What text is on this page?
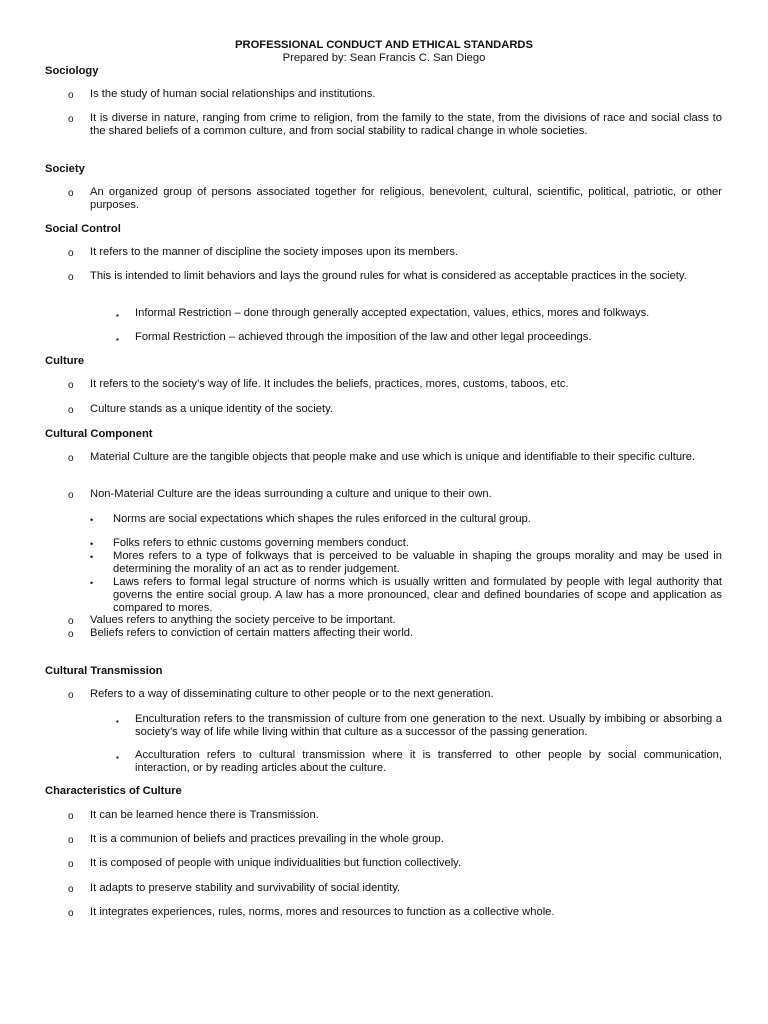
PROFESSIONAL CONDUCT AND ETHICAL STANDARDS
Prepared by: Sean Francis C. San Diego
Sociology
o Is the study of human social relationships and institutions.
o It is diverse in nature, ranging from crime to religion, from the family to the state, from the divisions of race and social class to the shared beliefs of a common culture, and from social stability to radical change in whole societies.
Society
o An organized group of persons associated together for religious, benevolent, cultural, scientific, political, patriotic, or other purposes.
Social Control
o It refers to the manner of discipline the society imposes upon its members.
o This is intended to limit behaviors and lays the ground rules for what is considered as acceptable practices in the society.
▪ Informal Restriction – done through generally accepted expectation, values, ethics, mores and folkways.
▪ Formal Restriction – achieved through the imposition of the law and other legal proceedings.
Culture
o It refers to the society’s way of life. It includes the beliefs, practices, mores, customs, taboos, etc.
o Culture stands as a unique identity of the society.
Cultural Component
o Material Culture are the tangible objects that people make and use which is unique and identifiable to their specific culture.
o Non-Material Culture are the ideas surrounding a culture and unique to their own.
• Norms are social expectations which shapes the rules enforced in the cultural group.
• Folks refers to ethnic customs governing members conduct.
• Mores refers to a type of folkways that is perceived to be valuable in shaping the groups morality and may be used in determining the morality of an act as to render judgement.
• Laws refers to formal legal structure of norms which is usually written and formulated by people with legal authority that governs the entire social group. A law has a more pronounced, clear and defined boundaries of scope and application as compared to mores.
o Values refers to anything the society perceive to be important.
o Beliefs refers to conviction of certain matters affecting their world.
Cultural Transmission
o Refers to a way of disseminating culture to other people or to the next generation.
▪ Enculturation refers to the transmission of culture from one generation to the next. Usually by imbibing or absorbing a society’s way of life while living within that culture as a successor of the passing generation.
▪ Acculturation refers to cultural transmission where it is transferred to other people by social communication, interaction, or by reading articles about the culture.
Characteristics of Culture
o It can be learned hence there is Transmission.
o It is a communion of beliefs and practices prevailing in the whole group.
o It is composed of people with unique individualities but function collectively.
o It adapts to preserve stability and survivability of social identity.
o It integrates experiences, rules, norms, mores and resources to function as a collective whole.
